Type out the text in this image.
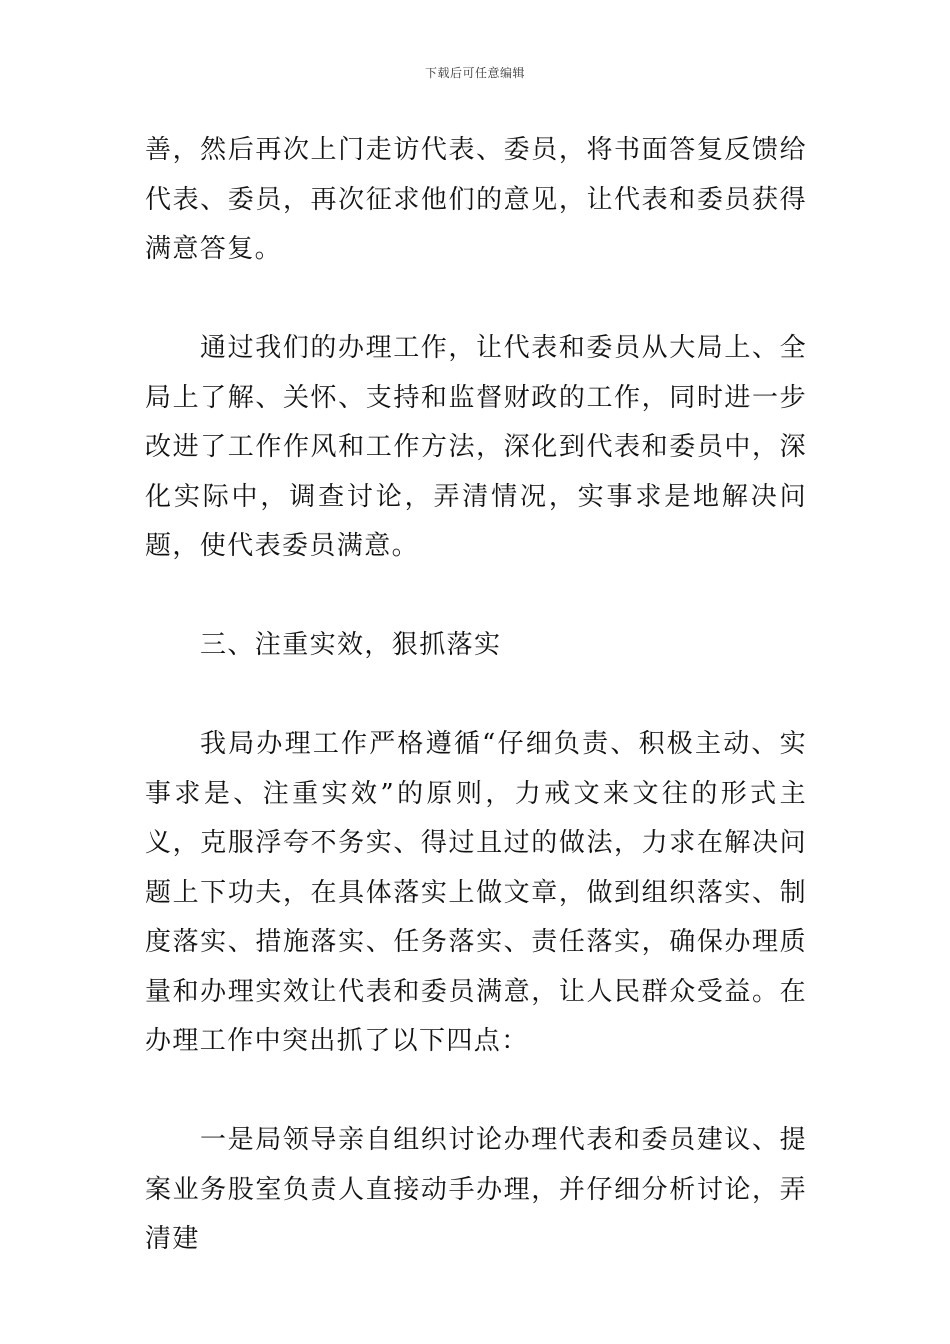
下载后可任意编辑

善，然后再次上门走访代表、委员，将书面答复反馈给代表、委员，再次征求他们的意见，让代表和委员获得满意答复。

通过我们的办理工作，让代表和委员从大局上、全局上了解、关怀、支持和监督财政的工作，同时进一步改进了工作作风和工作方法，深化到代表和委员中，深化实际中，调查讨论，弄清情况，实事求是地解决问题，使代表委员满意。

三、注重实效，狠抓落实

我局办理工作严格遵循“仔细负责、积极主动、实事求是、注重实效”的原则，力戒文来文往的形式主义，克服浮夸不务实、得过且过的做法，力求在解决问题上下功夫，在具体落实上做文章，做到组织落实、制度落实、措施落实、任务落实、责任落实，确保办理质量和办理实效让代表和委员满意，让人民群众受益。在办理工作中突出抓了以下四点：

一是局领导亲自组织讨论办理代表和委员建议、提案业务股室负责人直接动手办理，并仔细分析讨论，弄清建
